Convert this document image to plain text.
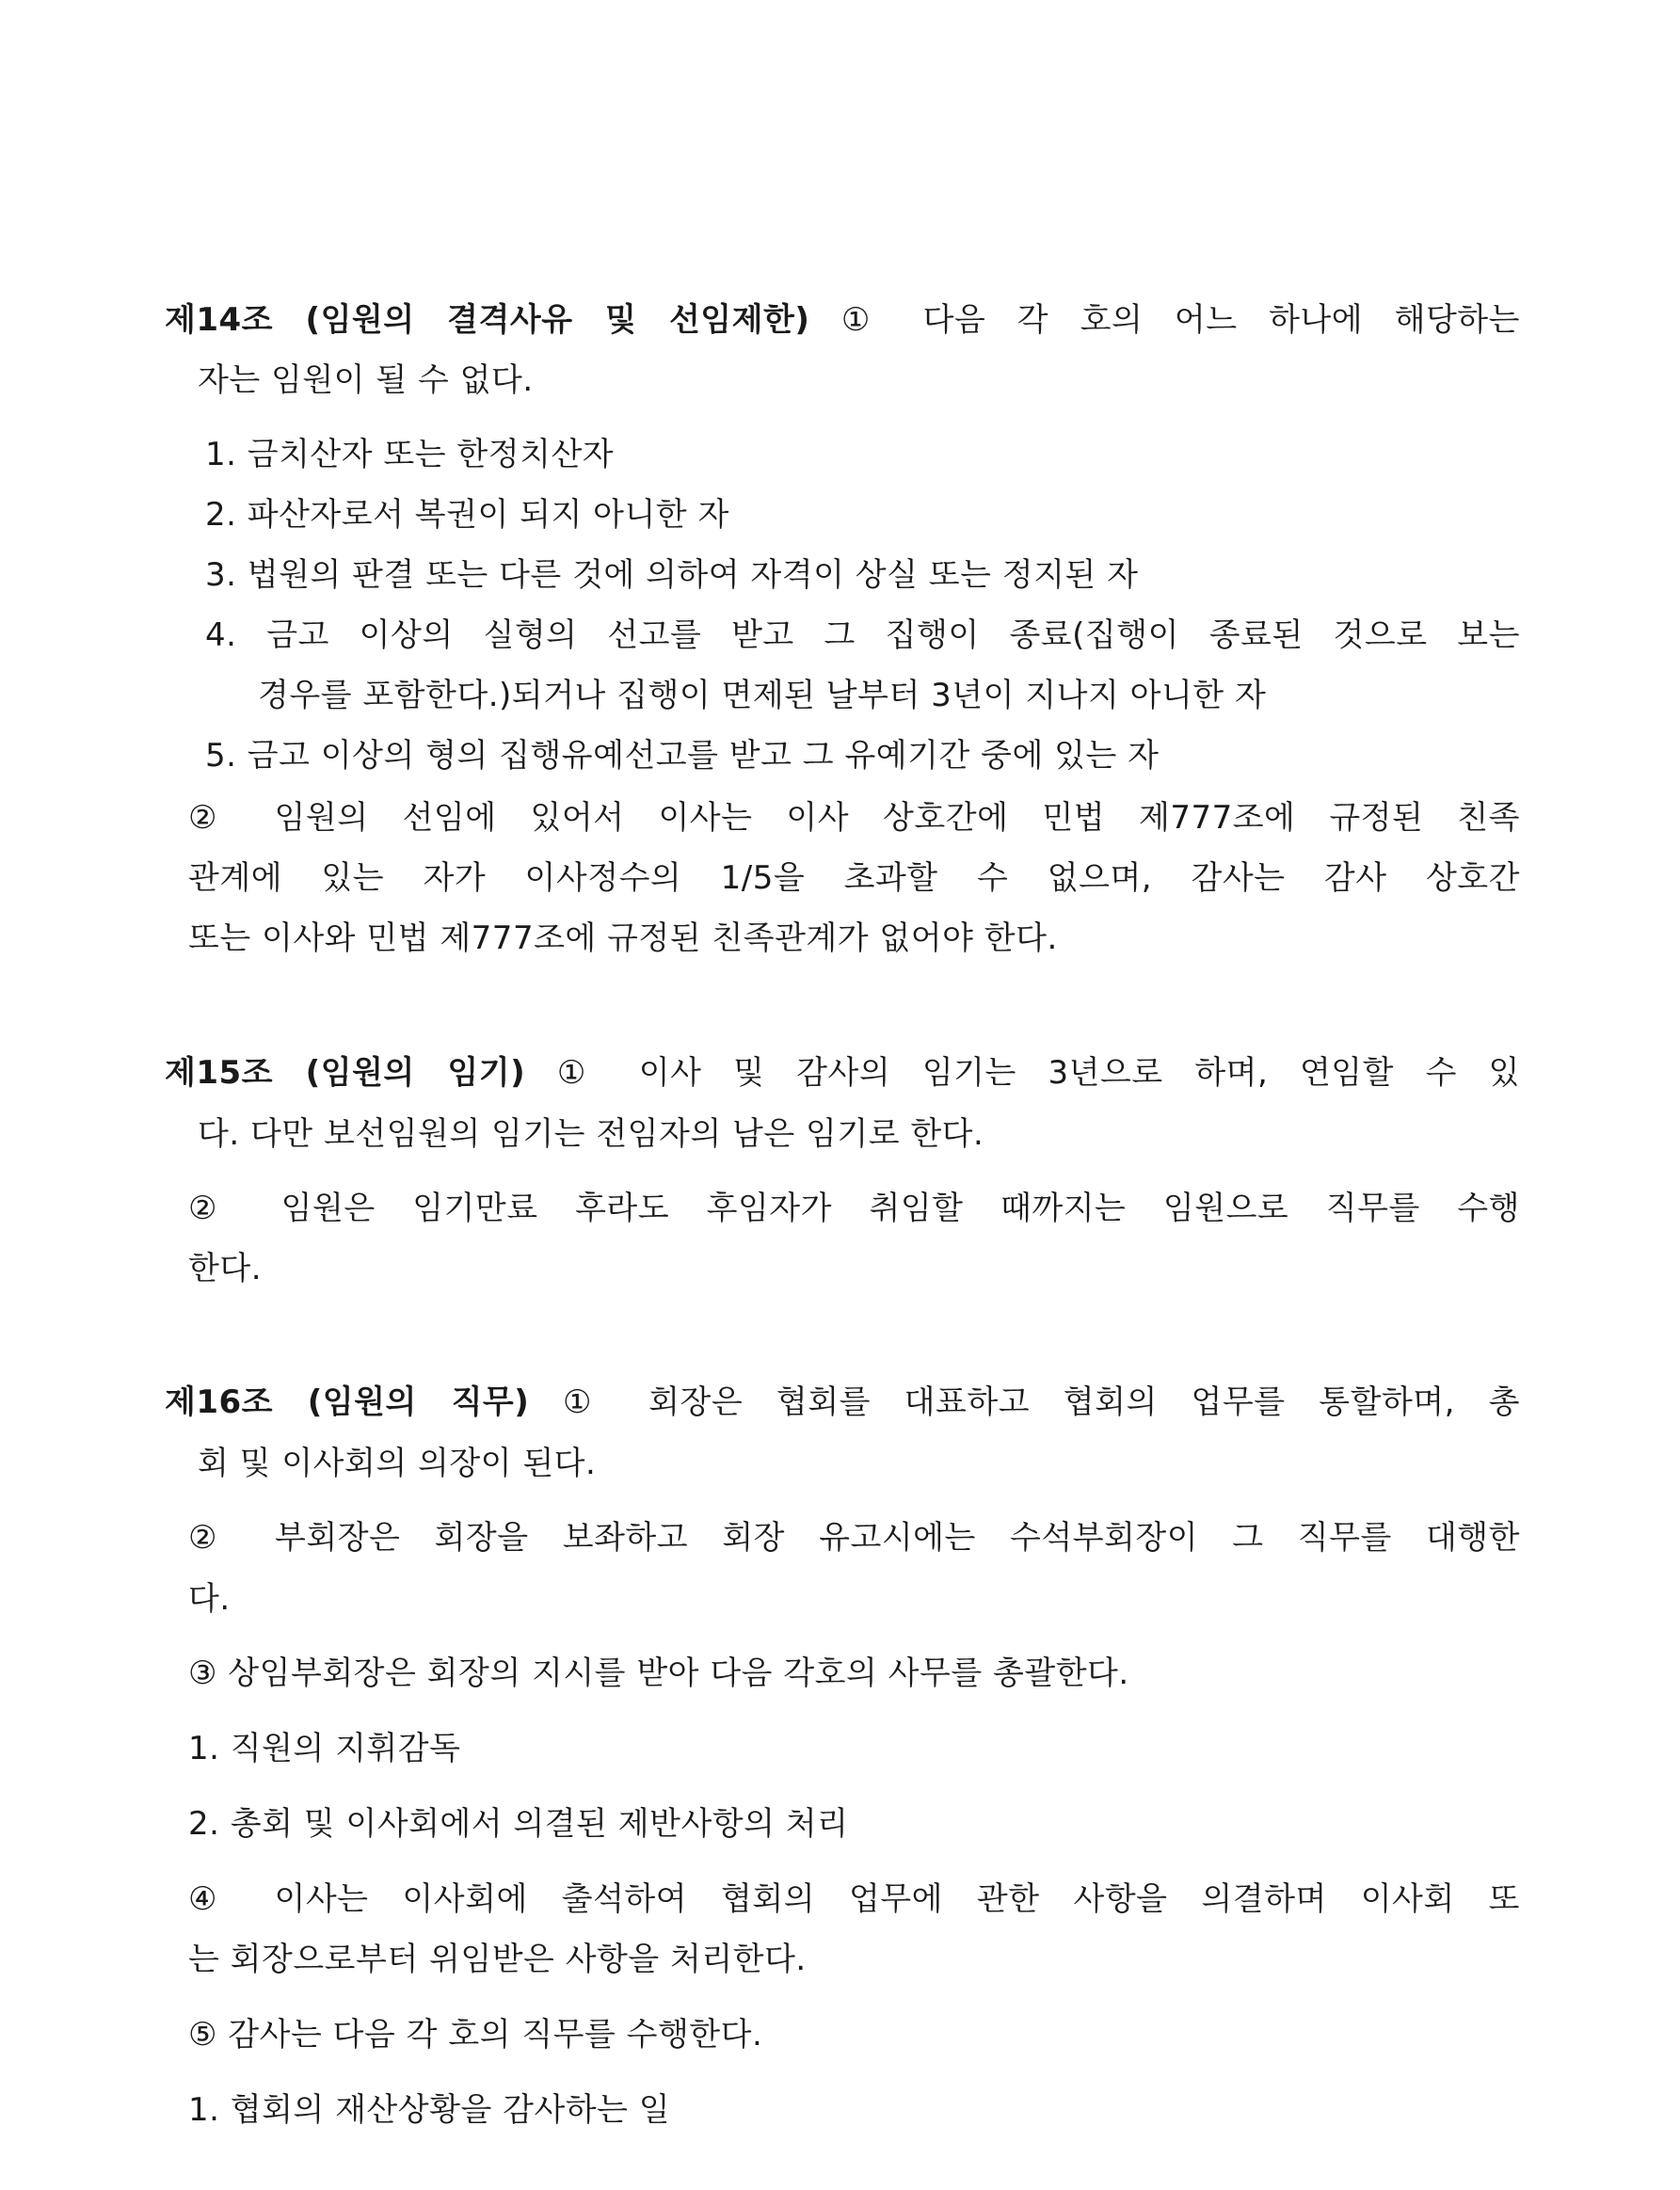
제14조 (임원의 결격사유 및 선임제한) ① 다음 각 호의 어느 하나에 해당하는
자는 임원이 될 수 없다.
1. 금치산자 또는 한정치산자
2. 파산자로서 복권이 되지 아니한 자
3. 법원의 판결 또는 다른 것에 의하여 자격이 상실 또는 정지된 자
4. 금고 이상의 실형의 선고를 받고 그 집행이 종료(집행이 종료된 것으로 보는
경우를 포함한다.)되거나 집행이 면제된 날부터 3년이 지나지 아니한 자
5. 금고 이상의 형의 집행유예선고를 받고 그 유예기간 중에 있는 자
② 임원의 선임에 있어서 이사는 이사 상호간에 민법 제777조에 규정된 친족
관계에 있는 자가 이사정수의 1/5을 초과할 수 없으며, 감사는 감사 상호간
또는 이사와 민법 제777조에 규정된 친족관계가 없어야 한다.
제15조 (임원의 임기) ① 이사 및 감사의 임기는 3년으로 하며, 연임할 수 있
다. 다만 보선임원의 임기는 전임자의 남은 임기로 한다.
② 임원은 임기만료 후라도 후임자가 취임할 때까지는 임원으로 직무를 수행
한다.
제16조 (임원의 직무) ① 회장은 협회를 대표하고 협회의 업무를 통할하며, 총
회 및 이사회의 의장이 된다.
② 부회장은 회장을 보좌하고 회장 유고시에는 수석부회장이 그 직무를 대행한
다.
③ 상임부회장은 회장의 지시를 받아 다음 각호의 사무를 총괄한다.
1. 직원의 지휘감독
2. 총회 및 이사회에서 의결된 제반사항의 처리
④ 이사는 이사회에 출석하여 협회의 업무에 관한 사항을 의결하며 이사회 또
는 회장으로부터 위임받은 사항을 처리한다.
⑤ 감사는 다음 각 호의 직무를 수행한다.
1. 협회의 재산상황을 감사하는 일
